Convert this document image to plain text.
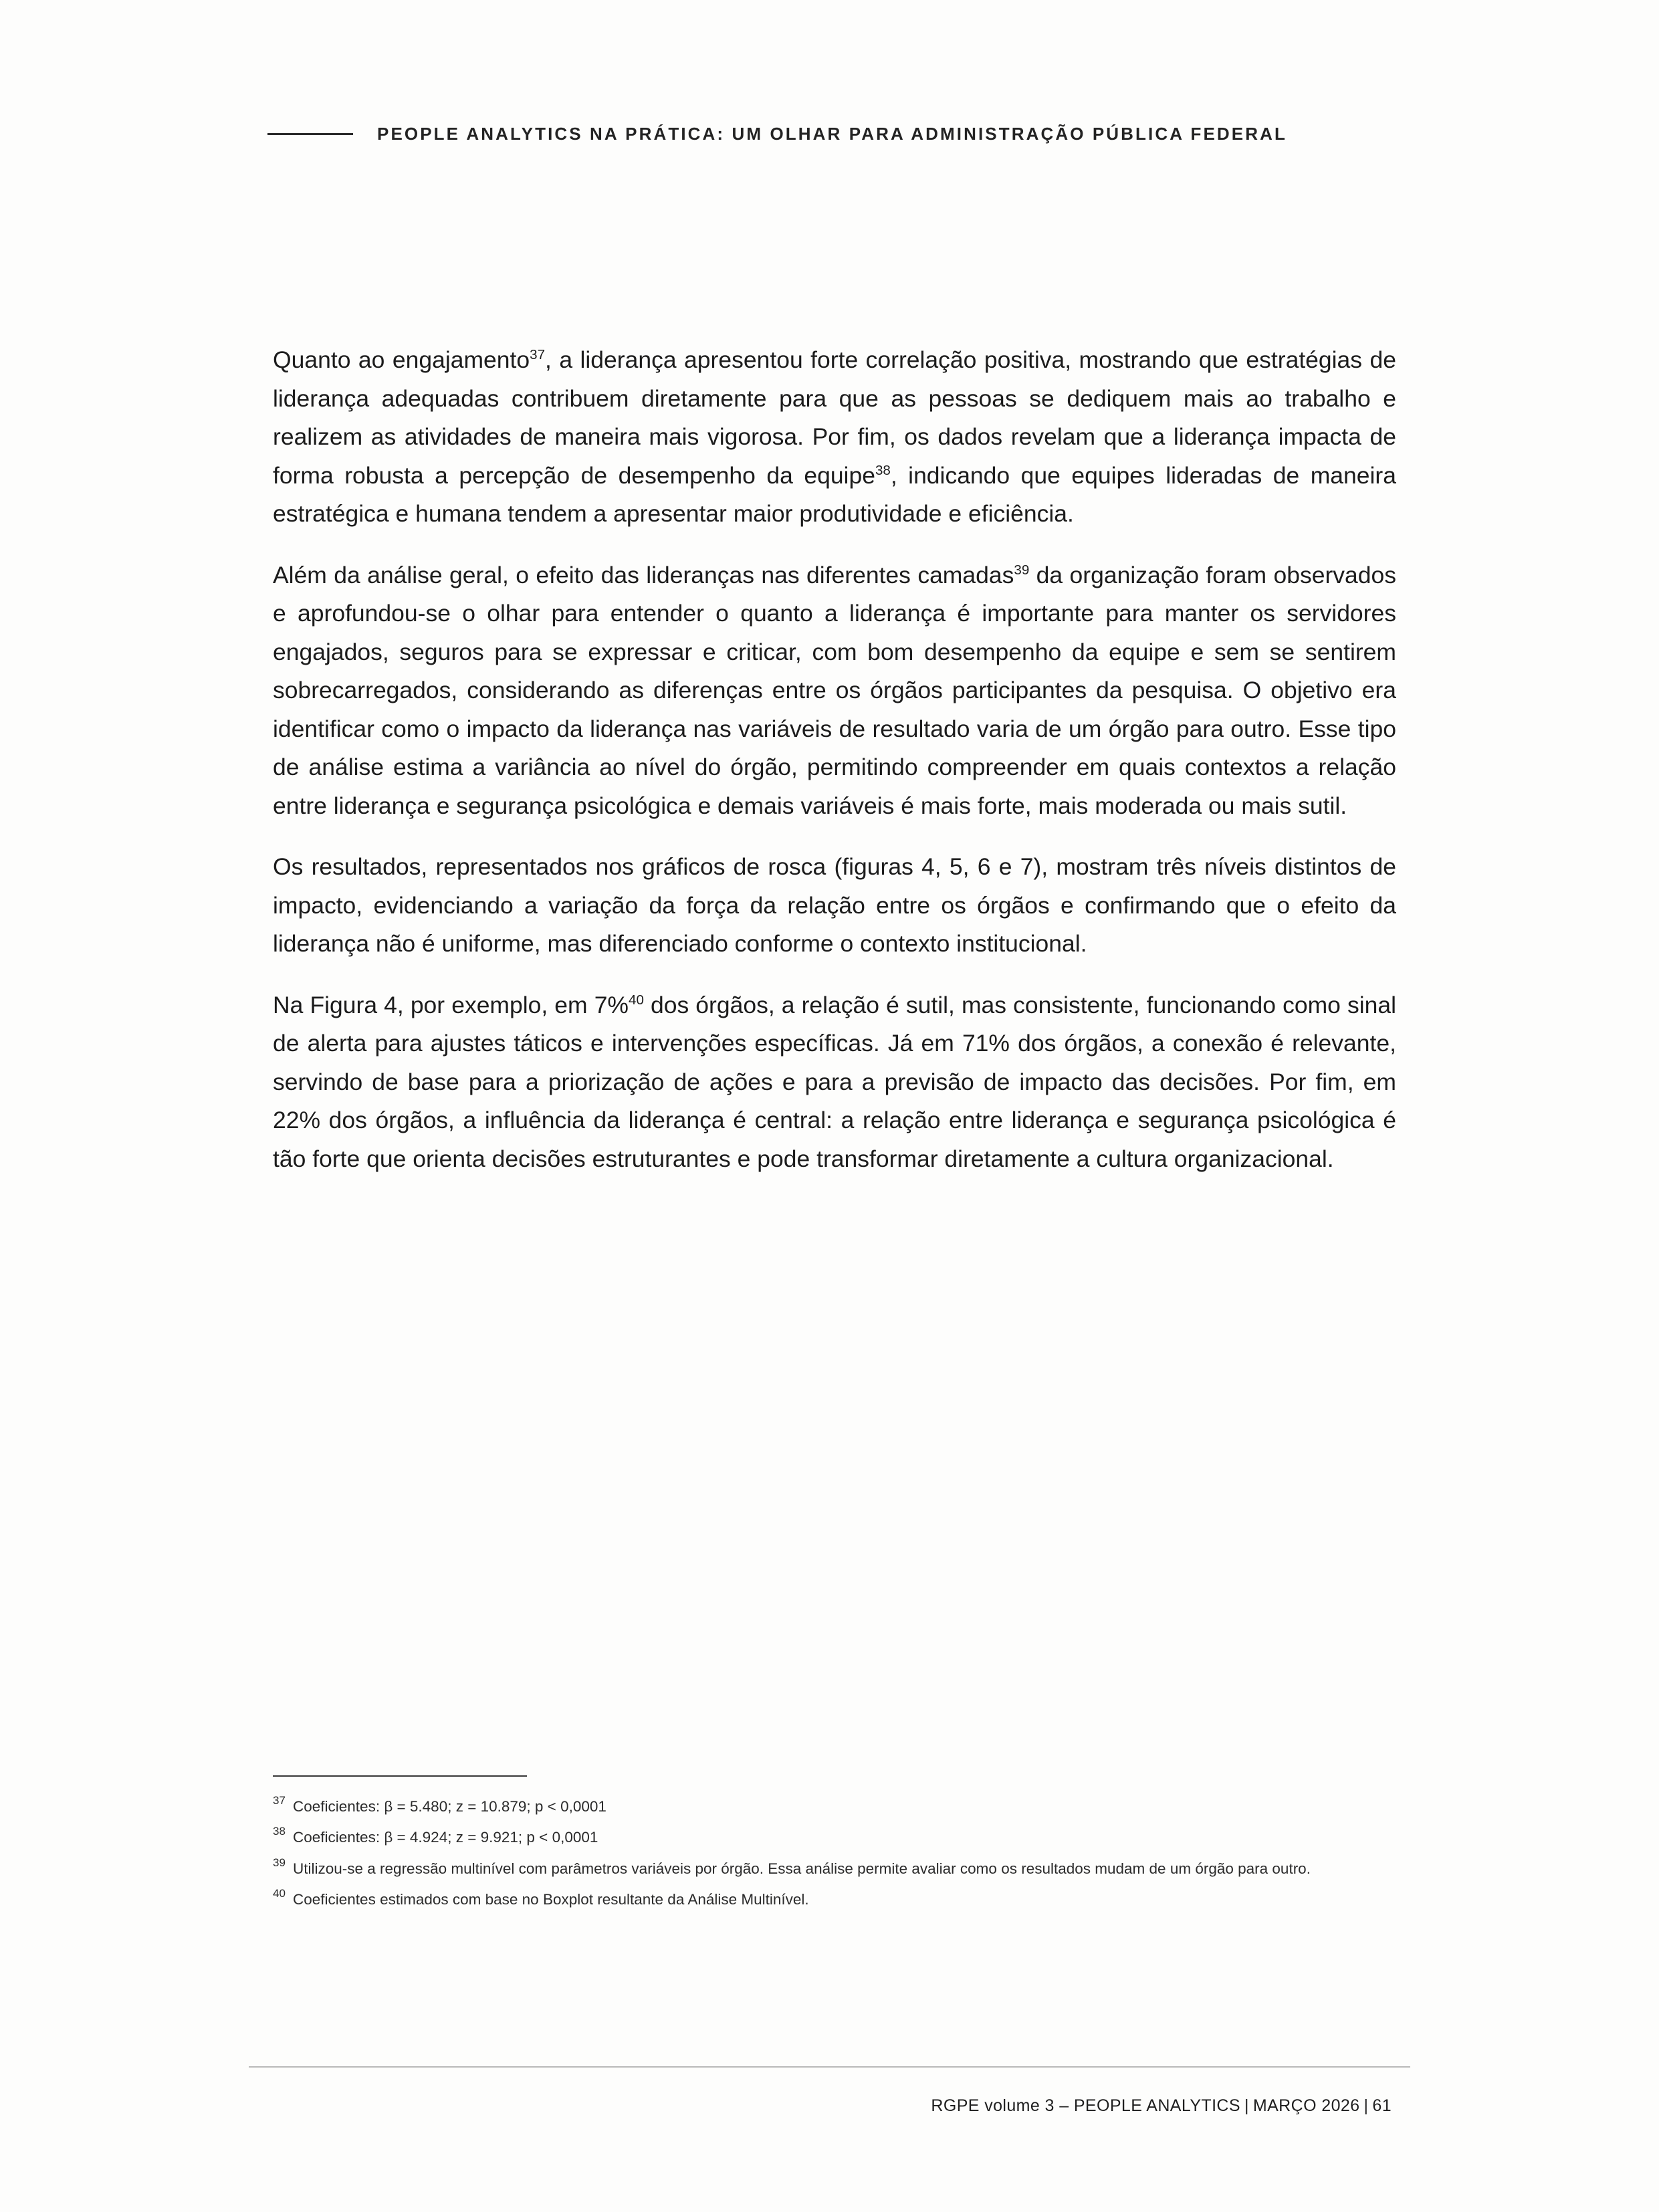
PEOPLE ANALYTICS NA PRÁTICA: UM OLHAR PARA ADMINISTRAÇÃO PÚBLICA FEDERAL

Quanto ao engajamento$^{37}$, a liderança apresentou forte correlação positiva, mostrando que estratégias de liderança adequadas contribuem diretamente para que as pessoas se dediquem mais ao trabalho e realizem as atividades de maneira mais vigorosa. Por fim, os dados revelam que a liderança impacta de forma robusta a percepção de desempenho da equipe$^{38}$, indicando que equipes lideradas de maneira estratégica e humana tendem a apresentar maior produtividade e eficiência.

Além da análise geral, o efeito das lideranças nas diferentes camadas$^{39}$ da organização foram observados e aprofundou-se o olhar para entender o quanto a liderança é importante para manter os servidores engajados, seguros para se expressar e criticar, com bom desempenho da equipe e sem se sentirem sobrecarregados, considerando as diferenças entre os órgãos participantes da pesquisa. O objetivo era identificar como o impacto da liderança nas variáveis de resultado varia de um órgão para outro. Esse tipo de análise estima a variância ao nível do órgão, permitindo compreender em quais contextos a relação entre liderança e segurança psicológica e demais variáveis é mais forte, mais moderada ou mais sutil.

Os resultados, representados nos gráficos de rosca (figuras 4, 5, 6 e 7), mostram três níveis distintos de impacto, evidenciando a variação da força da relação entre os órgãos e confirmando que o efeito da liderança não é uniforme, mas diferenciado conforme o contexto institucional.

Na Figura 4, por exemplo, em 7%$^{40}$ dos órgãos, a relação é sutil, mas consistente, funcionando como sinal de alerta para ajustes táticos e intervenções específicas. Já em 71% dos órgãos, a conexão é relevante, servindo de base para a priorização de ações e para a previsão de impacto das decisões. Por fim, em 22% dos órgãos, a influência da liderança é central: a relação entre liderança e segurança psicológica é tão forte que orienta decisões estruturantes e pode transformar diretamente a cultura organizacional.

37 Coeficientes: β = 5.480; z = 10.879; p < 0,0001
38 Coeficientes: β = 4.924; z = 9.921; p < 0,0001
39 Utilizou-se a regressão multinível com parâmetros variáveis por órgão. Essa análise permite avaliar como os resultados mudam de um órgão para outro.
40 Coeficientes estimados com base no Boxplot resultante da Análise Multinível.
RGPE volume 3 – PEOPLE ANALYTICS | MARÇO 2026 | 61
